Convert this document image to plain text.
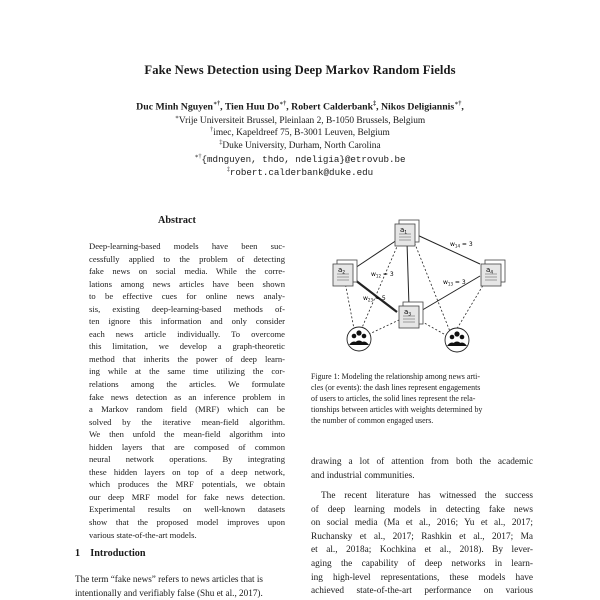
Fake News Detection using Deep Markov Random Fields
Duc Minh Nguyen∗†, Tien Huu Do∗†, Robert Calderbank‡, Nikos Deligiannis∗†,
∗Vrije Universiteit Brussel, Pleinlaan 2, B-1050 Brussels, Belgium
†imec, Kapeldreef 75, B-3001 Leuven, Belgium
‡Duke University, Durham, North Carolina
∗†{mdnguyen, thdo, ndeligia}@etrovub.be
‡robert.calderbank@duke.edu
Abstract
Deep-learning-based models have been suc-
cessfully applied to the problem of detecting
fake news on social media. While the corre-
lations among news articles have been shown
to be effective cues for online news analy-
sis, existing deep-learning-based methods of-
ten ignore this information and only consider
each news article individually. To overcome
this limitation, we develop a graph-theoretic
method that inherits the power of deep learn-
ing while at the same time utilizing the cor-
relations among the articles. We formulate
fake news detection as an inference problem in
a Markov random field (MRF) which can be
solved by the iterative mean-field algorithm.
We then unfold the mean-field algorithm into
hidden layers that are composed of common
neural network operations. By integrating
these hidden layers on top of a deep network,
which produces the MRF potentials, we obtain
our deep MRF model for fake news detection.
Experimental results on well-known datasets
show that the proposed model improves upon
various state-of-the-art models.
1 Introduction
The term “fake news” refers to news articles that is
intentionally and verifiably false (Shu et al., 2017).
$a_1$
$a_2$
$a_3$
$a_4$
$w_{14} = 3$
$w_{12} = 3$
$w_{13} = 3$
$w_{23} = 5$
Figure 1: Modeling the relationship among news arti-
cles (or events): the dash lines represent engagements
of users to articles, the solid lines represent the rela-
tionships between articles with weights determined by
the number of common engaged users.
drawing a lot of attention from both the academic
and industrial communities.
The recent literature has witnessed the success
of deep learning models in detecting fake news
on social media (Ma et al., 2016; Yu et al., 2017;
Ruchansky et al., 2017; Rashkin et al., 2017; Ma
et al., 2018a; Kochkina et al., 2018). By lever-
aging the capability of deep networks in learn-
ing high-level representations, these models have
achieved state-of-the-art performance on various
